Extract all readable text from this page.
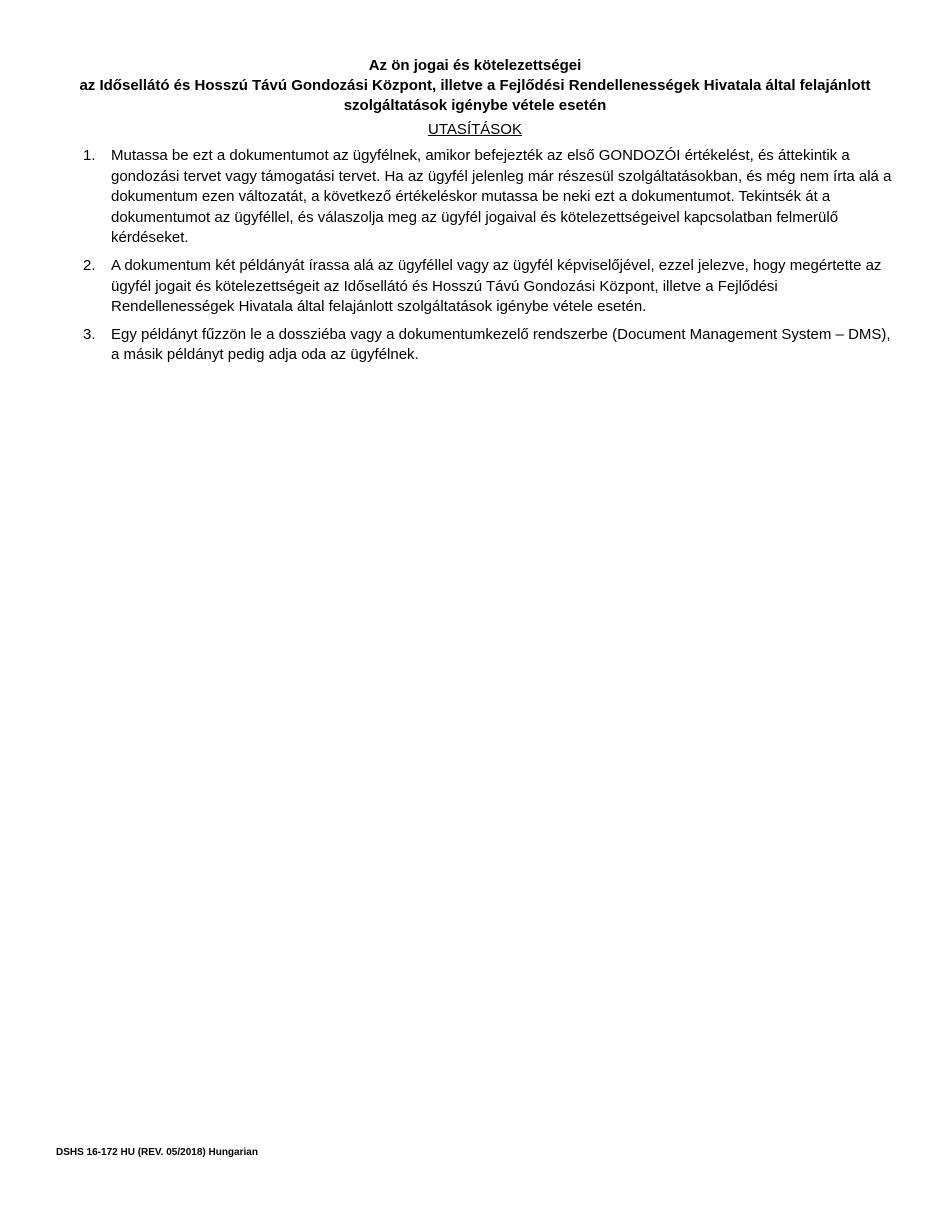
Az ön jogai és kötelezettségei

az Idősellátó és Hosszú Távú Gondozási Központ, illetve a Fejlődési Rendellenességek Hivatala által felajánlott

szolgáltatások igénybe vétele esetén

UTASÍTÁSOK
1. Mutassa be ezt a dokumentumot az ügyfélnek, amikor befejezték az első GONDOZÓI értékelést, és áttekintik a gondozási tervet vagy támogatási tervet. Ha az ügyfél jelenleg már részesül szolgáltatásokban, és még nem írta alá a dokumentum ezen változatát, a következő értékeléskor mutassa be neki ezt a dokumentumot. Tekintsék át a dokumentumot az ügyféllel, és válaszolja meg az ügyfél jogaival és kötelezettségeivel kapcsolatban felmerülő kérdéseket.
2. A dokumentum két példányát írassa alá az ügyféllel vagy az ügyfél képviselőjével, ezzel jelezve, hogy megértette az ügyfél jogait és kötelezettségeit az Idősellátó és Hosszú Távú Gondozási Központ, illetve a Fejlődési Rendellenességek Hivatala által felajánlott szolgáltatások igénybe vétele esetén.
3. Egy példányt fűzzön le a dossziéba vagy a dokumentumkezelő rendszerbe (Document Management System – DMS), a másik példányt pedig adja oda az ügyfélnek.
DSHS 16-172 HU (REV. 05/2018) Hungarian
